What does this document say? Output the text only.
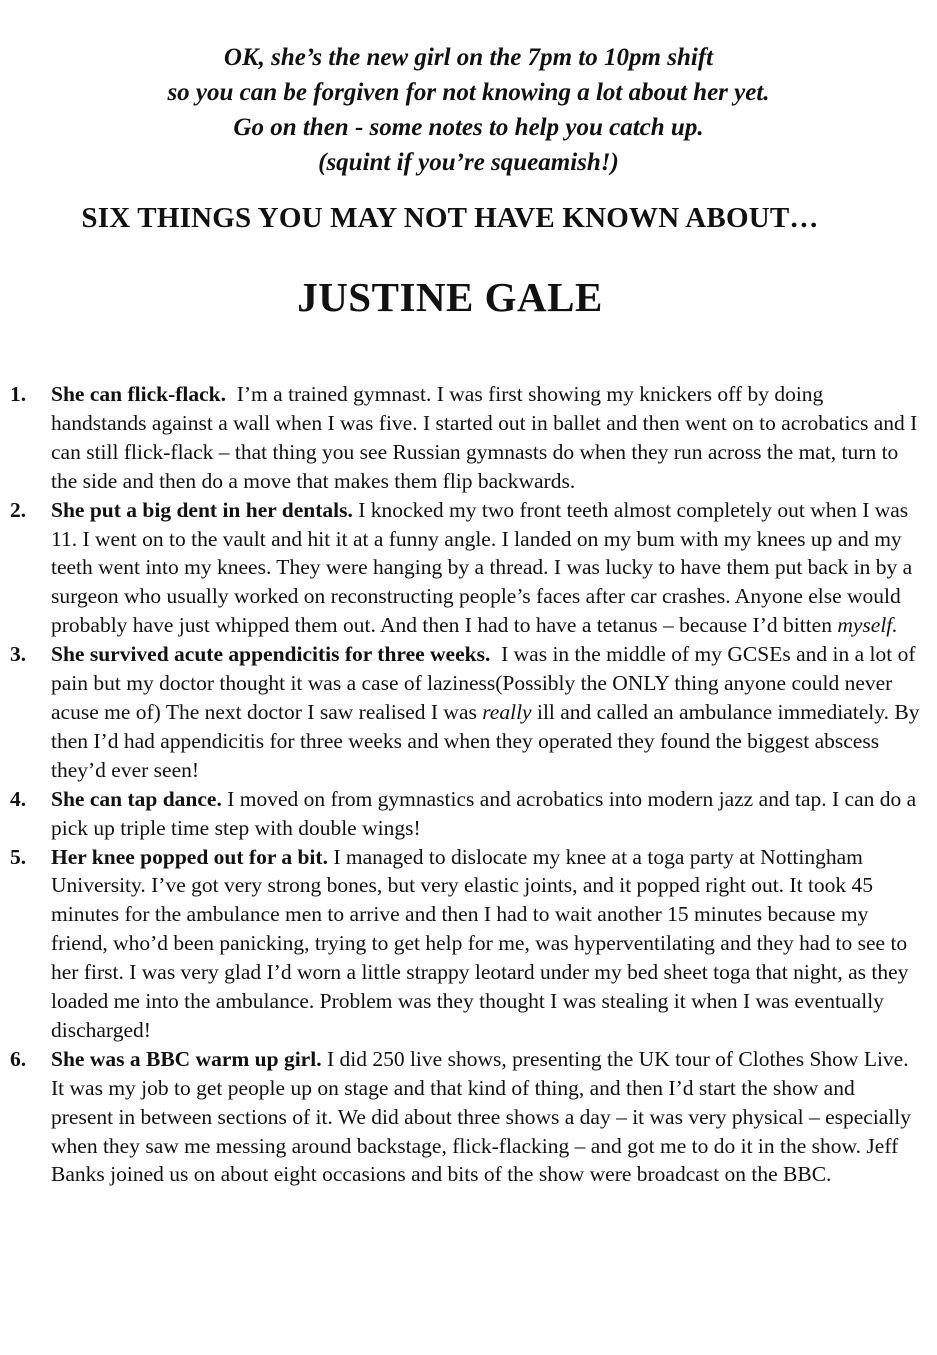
OK, she’s the new girl on the 7pm to 10pm shift
so you can be forgiven for not knowing a lot about her yet.
Go on then - some notes to help you catch up.
(squint if you’re squeamish!)
SIX THINGS YOU MAY NOT HAVE KNOWN ABOUT…
JUSTINE GALE
1. She can flick-flack. I’m a trained gymnast. I was first showing my knickers off by doing handstands against a wall when I was five. I started out in ballet and then went on to acrobatics and I can still flick-flack – that thing you see Russian gymnasts do when they run across the mat, turn to the side and then do a move that makes them flip backwards.
2. She put a big dent in her dentals. I knocked my two front teeth almost completely out when I was 11. I went on to the vault and hit it at a funny angle. I landed on my bum with my knees up and my teeth went into my knees. They were hanging by a thread. I was lucky to have them put back in by a surgeon who usually worked on reconstructing people’s faces after car crashes. Anyone else would probably have just whipped them out. And then I had to have a tetanus – because I’d bitten myself.
3. She survived acute appendicitis for three weeks. I was in the middle of my GCSEs and in a lot of pain but my doctor thought it was a case of laziness(Possibly the ONLY thing anyone could never acuse me of) The next doctor I saw realised I was really ill and called an ambulance immediately. By then I’d had appendicitis for three weeks and when they operated they found the biggest abscess they’d ever seen!
4. She can tap dance. I moved on from gymnastics and acrobatics into modern jazz and tap. I can do a pick up triple time step with double wings!
5. Her knee popped out for a bit. I managed to dislocate my knee at a toga party at Nottingham University. I’ve got very strong bones, but very elastic joints, and it popped right out. It took 45 minutes for the ambulance men to arrive and then I had to wait another 15 minutes because my friend, who’d been panicking, trying to get help for me, was hyperventilating and they had to see to her first. I was very glad I’d worn a little strappy leotard under my bed sheet toga that night, as they loaded me into the ambulance. Problem was they thought I was stealing it when I was eventually discharged!
6. She was a BBC warm up girl. I did 250 live shows, presenting the UK tour of Clothes Show Live. It was my job to get people up on stage and that kind of thing, and then I’d start the show and present in between sections of it. We did about three shows a day – it was very physical – especially when they saw me messing around backstage, flick-flacking – and got me to do it in the show. Jeff Banks joined us on about eight occasions and bits of the show were broadcast on the BBC.
